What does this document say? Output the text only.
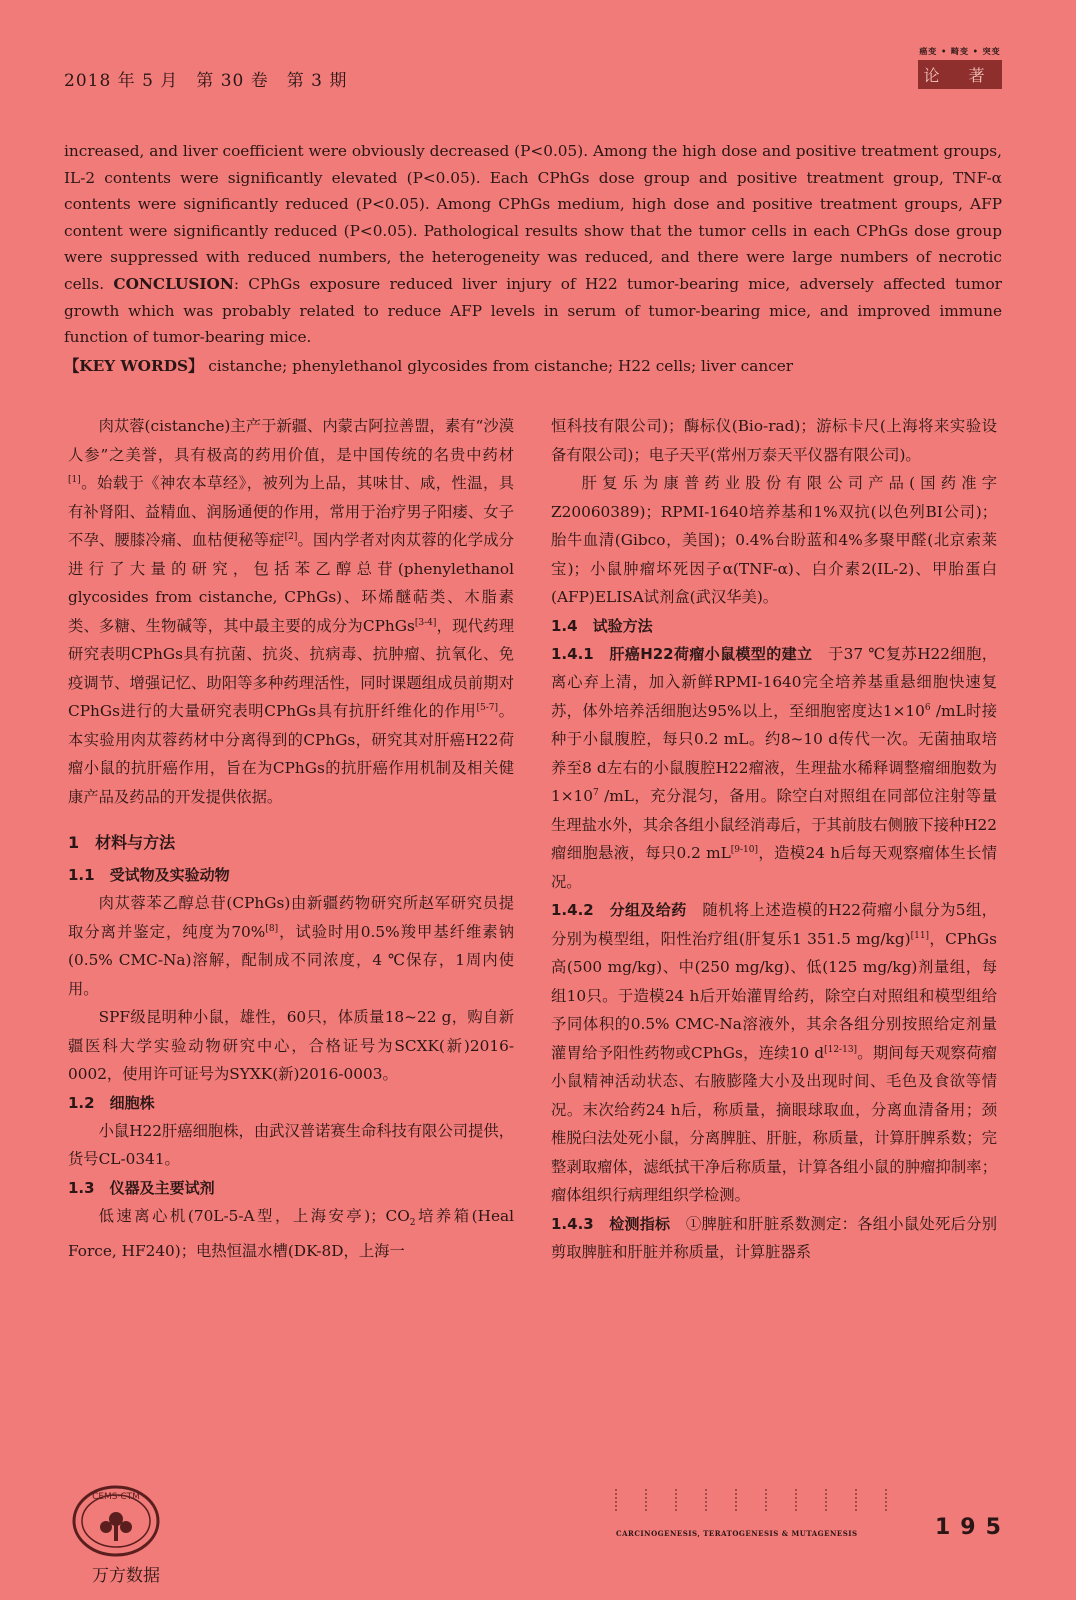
2018 年 5 月　第 30 卷　第 3 期
癌变 • 畸变 • 突变
论 著

increased, and liver coefficient were obviously decreased (P<0.05). Among the high dose and positive treatment groups, IL-2 contents were significantly elevated (P<0.05). Each CPhGs dose group and positive treatment group, TNF-α contents were significantly reduced (P<0.05). Among CPhGs medium, high dose and positive treatment groups, AFP content were significantly reduced (P<0.05). Pathological results show that the tumor cells in each CPhGs dose group were suppressed with reduced numbers, the heterogeneity was reduced, and there were large numbers of necrotic cells. CONCLUSION: CPhGs exposure reduced liver injury of H22 tumor-bearing mice, adversely affected tumor growth which was probably related to reduce AFP levels in serum of tumor-bearing mice, and improved immune function of tumor-bearing mice.

【KEY WORDS】 cistanche; phenylethanol glycosides from cistanche; H22 cells; liver cancer

肉苁蓉(cistanche)主产于新疆、内蒙古阿拉善盟，素有“沙漠人参”之美誉，具有极高的药用价值，是中国传统的名贵中药材[1]。始载于《神农本草经》，被列为上品，其味甘、咸，性温，具有补肾阳、益精血、润肠通便的作用，常用于治疗男子阳痿、女子不孕、腰膝冷痛、血枯便秘等症[2]。国内学者对肉苁蓉的化学成分进行了大量的研究，包括苯乙醇总苷(phenylethanol glycosides from cistanche, CPhGs)、环烯醚萜类、木脂素类、多糖、生物碱等，其中最主要的成分为CPhGs[3-4]，现代药理研究表明CPhGs具有抗菌、抗炎、抗病毒、抗肿瘤、抗氧化、免疫调节、增强记忆、助阳等多种药理活性，同时课题组成员前期对CPhGs进行的大量研究表明CPhGs具有抗肝纤维化的作用[5-7]。本实验用肉苁蓉药材中分离得到的CPhGs，研究其对肝癌H22荷瘤小鼠的抗肝癌作用，旨在为CPhGs的抗肝癌作用机制及相关健康产品及药品的开发提供依据。

1　材料与方法
1.1　受试物及实验动物

肉苁蓉苯乙醇总苷(CPhGs)由新疆药物研究所赵军研究员提取分离并鉴定，纯度为70%[8]，试验时用0.5%羧甲基纤维素钠(0.5% CMC-Na)溶解，配制成不同浓度，4 ℃保存，1周内使用。

SPF级昆明种小鼠，雄性，60只，体质量18~22 g，购自新疆医科大学实验动物研究中心，合格证号为SCXK(新)2016-0002，使用许可证号为SYXK(新)2016-0003。

1.2　细胞株

小鼠H22肝癌细胞株，由武汉普诺赛生命科技有限公司提供，货号CL-0341。

1.3　仪器及主要试剂

低速离心机(70L-5-A型，上海安亭)；$CO_2$培养箱(Heal Force, HF240)；电热恒温水槽(DK-8D，上海一

恒科技有限公司)；酶标仪(Bio-rad)；游标卡尺(上海将来实验设备有限公司)；电子天平(常州万泰天平仪器有限公司)。

肝复乐为康普药业股份有限公司产品(国药准字Z20060389)；RPMI-1640培养基和1%双抗(以色列BI公司)；胎牛血清(Gibco，美国)；0.4%台盼蓝和4%多聚甲醛(北京索莱宝)；小鼠肿瘤坏死因子α(TNF-α)、白介素2(IL-2)、甲胎蛋白(AFP)ELISA试剂盒(武汉华美)。

1.4　试验方法

1.4.1　肝癌H22荷瘤小鼠模型的建立　于37 ℃复苏H22细胞，离心弃上清，加入新鲜RPMI-1640完全培养基重悬细胞快速复苏，体外培养活细胞达95%以上，至细胞密度达$1\times 10^6$ /mL时接种于小鼠腹腔，每只0.2 mL。约8~10 d传代一次。无菌抽取培养至8 d左右的小鼠腹腔H22瘤液，生理盐水稀释调整瘤细胞数为$1\times 10^7$ /mL，充分混匀，备用。除空白对照组在同部位注射等量生理盐水外，其余各组小鼠经消毒后，于其前肢右侧腋下接种H22瘤细胞悬液，每只0.2 mL[9-10]，造模24 h后每天观察瘤体生长情况。

1.4.2　分组及给药　随机将上述造模的H22荷瘤小鼠分为5组，分别为模型组，阳性治疗组(肝复乐1 351.5 mg/kg)[11]，CPhGs高(500 mg/kg)、中(250 mg/kg)、低(125 mg/kg)剂量组，每组10只。于造模24 h后开始灌胃给药，除空白对照组和模型组给予同体积的0.5% CMC-Na溶液外，其余各组分别按照给定剂量灌胃给予阳性药物或CPhGs，连续10 d[12-13]。期间每天观察荷瘤小鼠精神活动状态、右腋膨隆大小及出现时间、毛色及食欲等情况。末次给药24 h后，称质量，摘眼球取血，分离血清备用；颈椎脱臼法处死小鼠，分离脾脏、肝脏，称质量，计算肝脾系数；完整剥取瘤体，滤纸拭干净后称质量，计算各组小鼠的肿瘤抑制率；瘤体组织行病理组织学检测。

1.4.3　检测指标　①脾脏和肝脏系数测定：各组小鼠处死后分别剪取脾脏和肝脏并称质量，计算脏器系

CEMS·CTM
万方数据
CARCINOGENESIS, TERATOGENESIS & MUTAGENESIS	195
